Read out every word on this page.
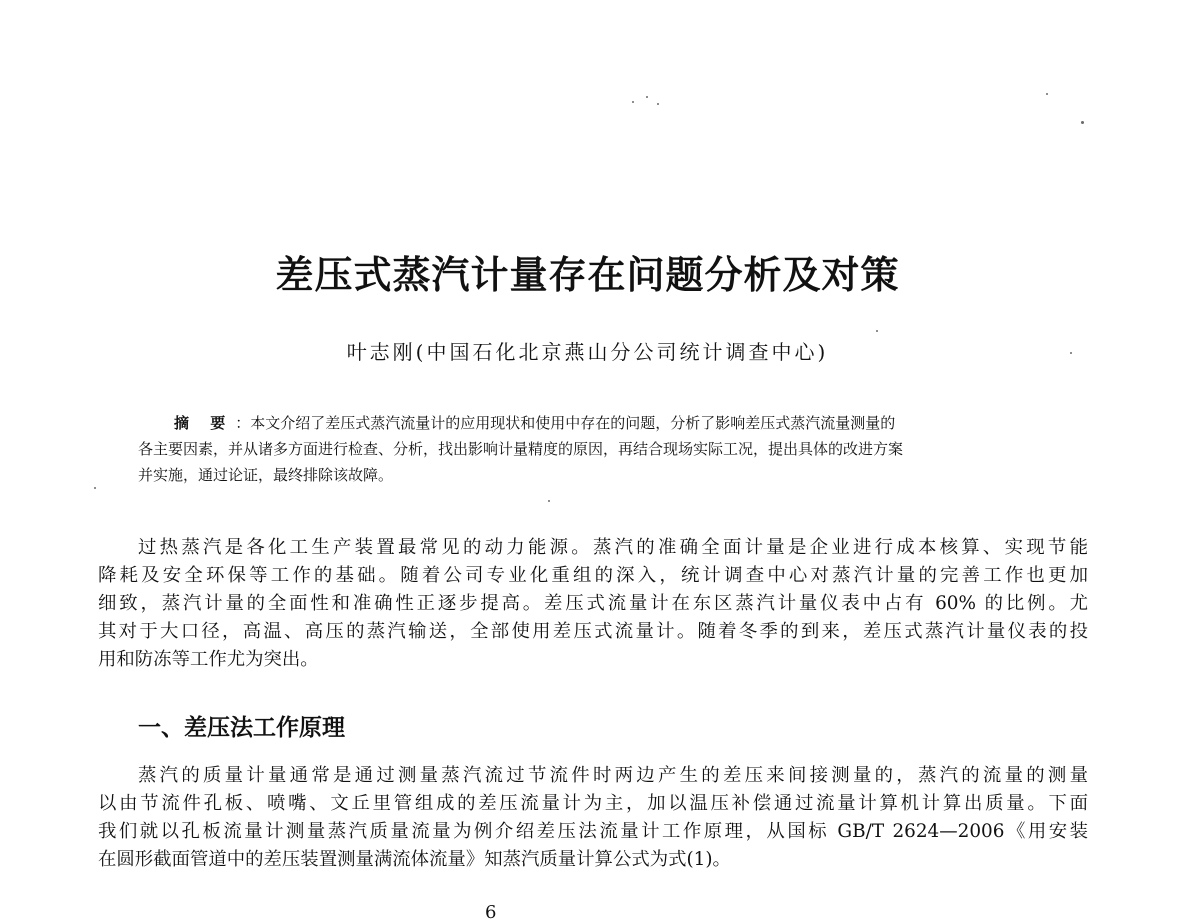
差压式蒸汽计量存在问题分析及对策
叶志刚(中国石化北京燕山分公司统计调查中心)
摘 要 ：本文介绍了差压式蒸汽流量计的应用现状和使用中存在的问题，分析了影响差压式蒸汽流量测量的
各主要因素，并从诸多方面进行检查、分析，找出影响计量精度的原因，再结合现场实际工况，提出具体的改进方案
并实施，通过论证，最终排除该故障。
过热蒸汽是各化工生产装置最常见的动力能源。蒸汽的准确全面计量是企业进行成本核算、实现节能
降耗及安全环保等工作的基础。随着公司专业化重组的深入，统计调查中心对蒸汽计量的完善工作也更加
细致，蒸汽计量的全面性和准确性正逐步提高。差压式流量计在东区蒸汽计量仪表中占有 60% 的比例。尤
其对于大口径，高温、高压的蒸汽输送，全部使用差压式流量计。随着冬季的到来，差压式蒸汽计量仪表的投
用和防冻等工作尤为突出。
一、差压法工作原理
蒸汽的质量计量通常是通过测量蒸汽流过节流件时两边产生的差压来间接测量的，蒸汽的流量的测量
以由节流件孔板、喷嘴、文丘里管组成的差压流量计为主，加以温压补偿通过流量计算机计算出质量。下面
我们就以孔板流量计测量蒸汽质量流量为例介绍差压法流量计工作原理，从国标 GB/T 2624—2006《用安装
在圆形截面管道中的差压装置测量满流体流量》知蒸汽质量计算公式为式(1)。
6
